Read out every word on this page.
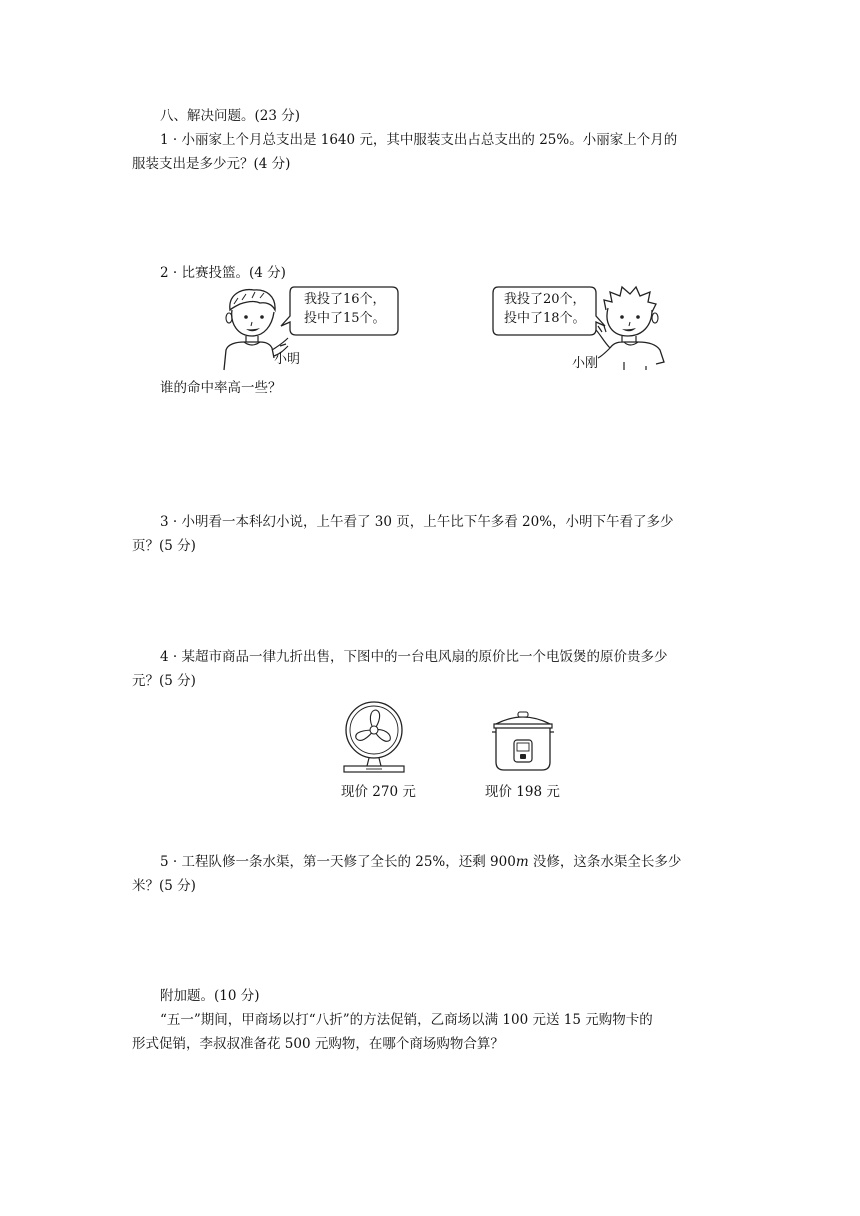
八、解决问题。(23 分)
1 · 小丽家上个月总支出是 1640 元，其中服装支出占总支出的 25%。小丽家上个月的
服装支出是多少元？(4 分)
2 · 比赛投篮。(4 分)
我投了16个，
投中了15个。
小明
我投了20个，
投中了18个。
小刚
谁的命中率高一些？
3 · 小明看一本科幻小说，上午看了 30 页，上午比下午多看 20%，小明下午看了多少
页？(5 分)
4 · 某超市商品一律九折出售，下图中的一台电风扇的原价比一个电饭煲的原价贵多少
元？(5 分)
现价 270 元	现价 198 元
5 · 工程队修一条水渠，第一天修了全长的 25%，还剩 900m 没修，这条水渠全长多少
米？(5 分)
附加题。(10 分)
“五一”期间，甲商场以打“八折”的方法促销，乙商场以满 100 元送 15 元购物卡的
形式促销，李叔叔准备花 500 元购物，在哪个商场购物合算？
